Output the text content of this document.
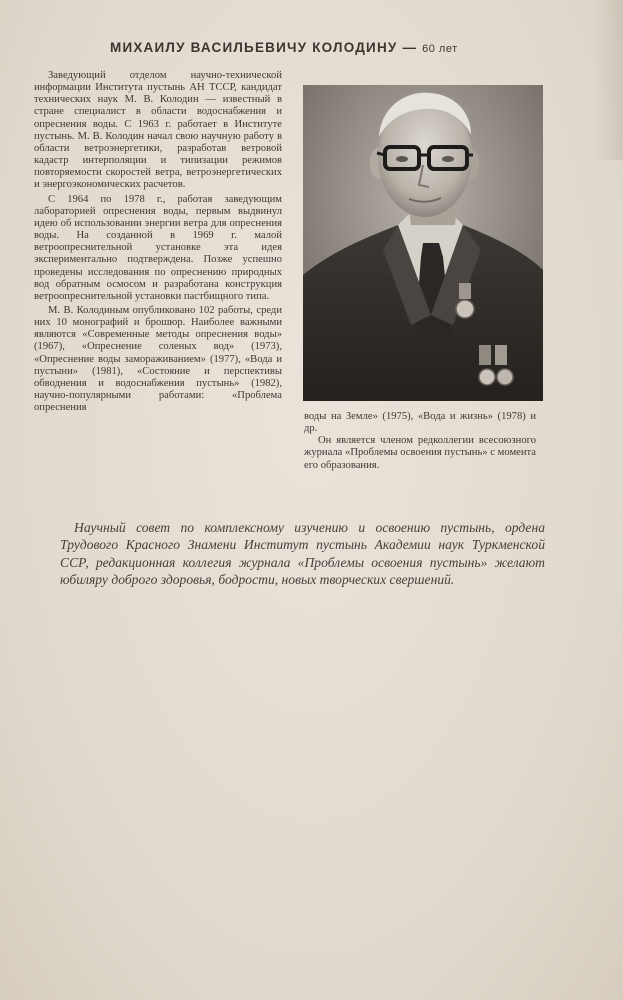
МИХАИЛУ ВАСИЛЬЕВИЧУ КОЛОДИНУ — 60 лет

Заведующий отделом научно-технической информации Института пустынь АН ТССР, кандидат технических наук М. В. Колодин — известный в стране специалист в области водоснабжения и опреснения воды. С 1963 г. работает в Институте пустынь. М. В. Колодин начал свою научную работу в области ветроэнергетики, разработав ветровой кадастр интерполяции и типизации режимов повторяемости скоростей ветра, ветроэнергетических и энергоэкономических расчетов.

С 1964 по 1978 г., работая заведующим лабораторией опреснения воды, первым выдвинул идею об использовании энергии ветра для опреснения воды. На созданной в 1969 г. малой ветроопреснительной установке эта идея экспериментально подтверждена. Позже успешно проведены исследования по опреснению природных вод обратным осмосом и разработана конструкция ветроопреснительной установки пастбищного типа.

М. В. Колодиным опубликовано 102 работы, среди них 10 монографий и брошюр. Наиболее важными являются «Современные методы опреснения воды» (1967), «Опреснение соленых вод» (1973), «Опреснение воды замораживанием» (1977), «Вода и пустыни» (1981), «Состояние и перспективы обводнения и водоснабжения пустынь» (1982), научно-популярными работами: «Проблема опреснения

воды на Земле» (1975), «Вода и жизнь» (1978) и др.

Он является членом редколлегии всесоюзного журнала «Проблемы освоения пустынь» с момента его образования.

Научный совет по комплексному изучению и освоению пустынь, ордена Трудового Красного Знамени Институт пустынь Академии наук Туркменской ССР, редакционная коллегия журнала «Проблемы освоения пустынь» желают юбиляру доброго здоровья, бодрости, новых творческих свершений.
